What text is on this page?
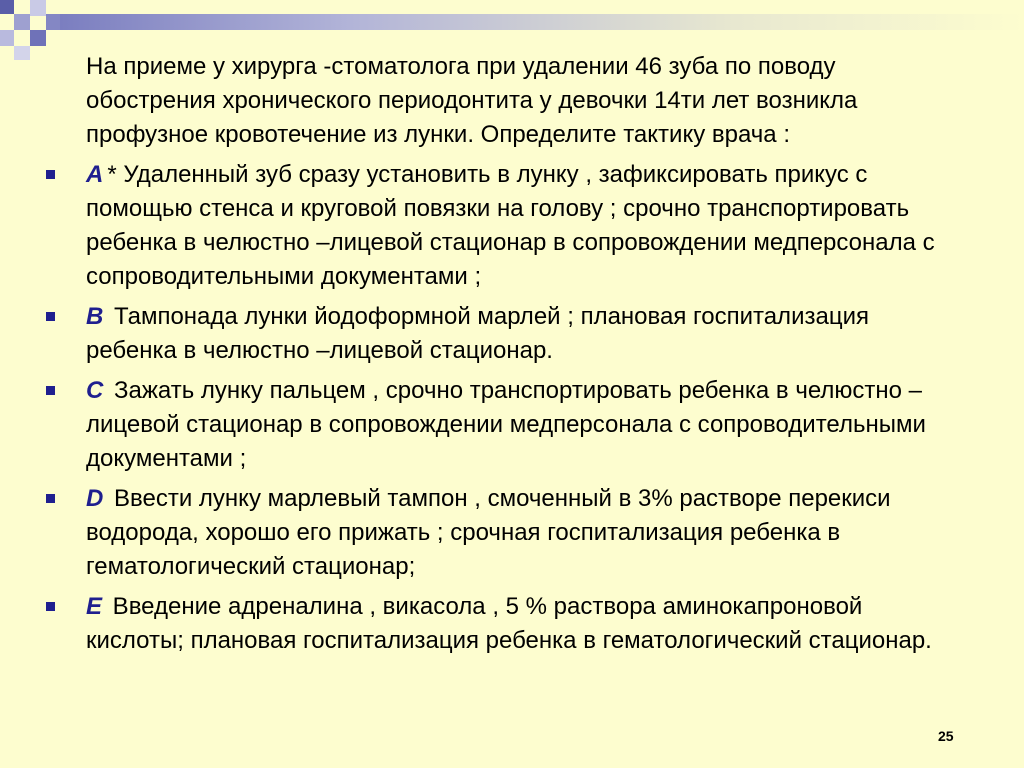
На приеме у хирурга -стоматолога при удалении 46 зуба по поводу обострения хронического периодонтита у девочки 14ти лет возникла профузное кровотечение из лунки. Определите тактику врача :

A * Удаленный зуб сразу установить в лунку , зафиксировать прикус с помощью стенса и круговой повязки на голову ; срочно транспортировать ребенка в челюстно –лицевой стационар в сопровождении медперсонала с сопроводительными документами ;
B Тампонада лунки йодоформной марлей ; плановая госпитализация ребенка в челюстно –лицевой стационар.
C Зажать лунку пальцем , срочно транспортировать ребенка в челюстно –лицевой стационар в сопровождении медперсонала с сопроводительными документами ;
D Ввести лунку марлевый тампон , смоченный в 3% растворе перекиси водорода, хорошо его прижать ; срочная госпитализация ребенка в гематологический стационар;
E Введение адреналина , викасола , 5 % раствора аминокапроновой кислоты; плановая госпитализация ребенка в гематологический стационар.
25
